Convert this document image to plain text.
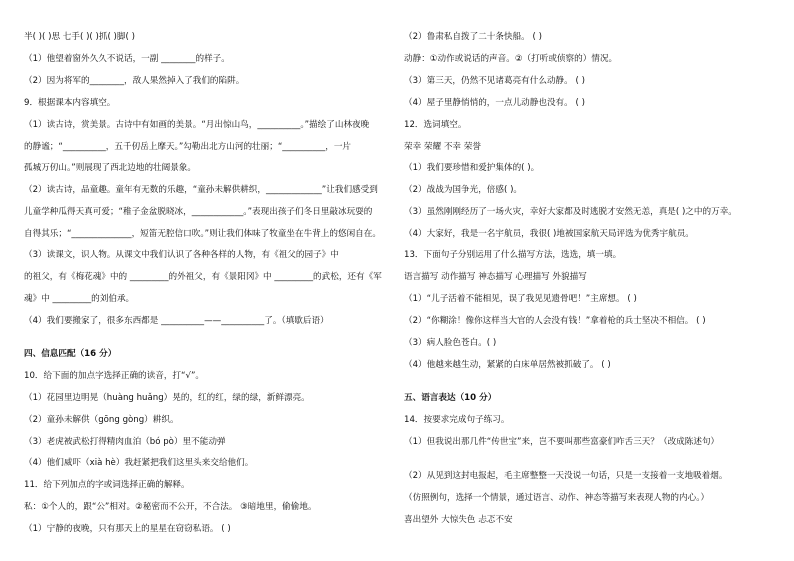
半( )( )思 七手( )( )抓( )脚( )
（1）他望着窗外久久不说话，一副 ________的样子。
（2）因为将军的________，敌人果然掉入了我们的陷阱。
9．根据课本内容填空。
（1）读古诗，赏美景。古诗中有如画的美景。“月出惊山鸟，__________。”描绘了山林夜晚
的静谧；“__________，五千仞岳上摩天。”勾勒出北方山河的壮丽；“__________，一片
孤城万仞山。”则展现了西北边地的壮阔景象。
（2）读古诗，品童趣。童年有无数的乐趣，“童孙未解供耕织，_____________”让我们感受到
儿童学种瓜得天真可爱；“稚子金盆脱晓冰，____________。”表现出孩子们冬日里敲冰玩耍的
自得其乐；“______________，短笛无腔信口吹。”则让我们体味了牧童坐在牛背上的悠闲自在。
（3）读课文，识人物。从课文中我们认识了各种各样的人物，有《祖父的园子》中
的祖父，有《梅花魂》中的 _________的外祖父，有《景阳冈》中 _________的武松，还有《军
魂》中 _________的刘伯承。
（4）我们要搬家了，很多东西都是 __________——__________了。（填歇后语）
四、信息匹配（16 分）
10．给下面的加点字选择正确的读音，打“√”。
（1）花园里边明晃（huàng huǎng）晃的，红的红，绿的绿，新鲜漂亮。
（2）童孙未解供（gōng gòng）耕织。
（3）老虎被武松打得精肉血泊（bó pò）里不能动弹
（4）他们威吓（xià hè）我赶紧把我们这里头来交给他们。
11．给下列加点的字或词选择正确的解释。
私：①个人的，跟“公”相对。②秘密而不公开，不合法。 ③暗地里，偷偷地。
（1）宁静的夜晚，只有那天上的星星在窃窃私语。 ( )
（2）鲁肃私自拨了二十条快船。 ( )
动静：①动作或说话的声音。②（打听或侦察的）情况。
（3）第三天，仍然不见诸葛亮有什么动静。 ( )
（4）屋子里静悄悄的，一点儿动静也没有。 ( )
12．选词填空。
荣幸 荣耀 不幸 荣誉
（1）我们要珍惜和爱护集体的( )。
（2）战战为国争光，倍感( )。
（3）虽然刚刚经历了一场火灾，幸好大家都及时逃脱才安然无恙，真是( )之中的万幸。
（4）大家好，我是一名宇航员，我很( )地被国家航天局评选为优秀宇航员。
13．下面句子分别运用了什么描写方法，选选，填一填。
语言描写 动作描写 神态描写 心理描写 外貌描写
（1）“儿子活着不能相见，误了我见见遗骨吧！”主席想。 ( )
（2）“你糊涂！像你这样当大官的人会没有钱！”拿着枪的兵士坚决不相信。 ( )
（3）病人脸色苍白。( )
（4）他越来越生动，紧紧的白床单居然被抓破了。 ( )
五、语言表达（10 分）
14．按要求完成句子练习。
（1）但我说出那几件“传世宝”来，岂不要叫那些富豪们咋舌三天？（改成陈述句）
（2）从见到这封电报起，毛主席整整一天没说一句话，只是一支接着一支地吸着烟。
（仿照例句，选择一个情景，通过语言、动作、神态等描写来表现人物的内心。）
喜出望外 大惊失色 忐忑不安
